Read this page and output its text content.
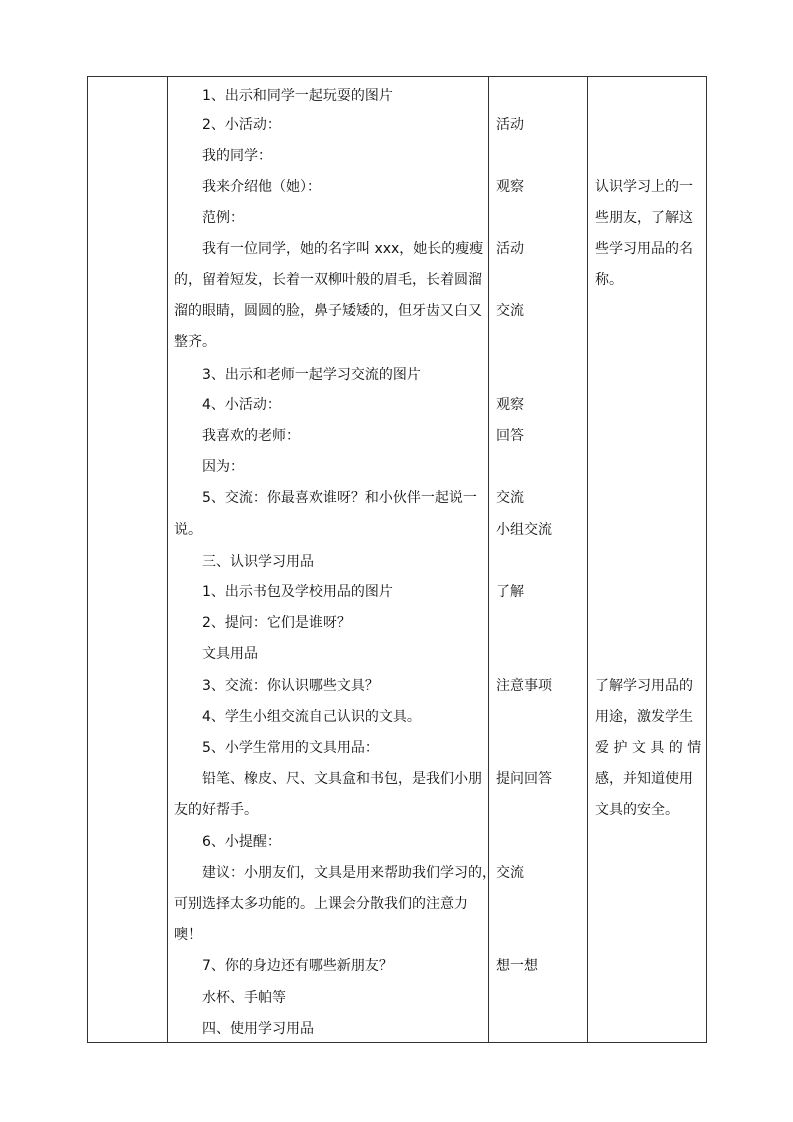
1、出示和同学一起玩耍的图片
2、小活动：
我的同学：
我来介绍他（她）：
范例：
我有一位同学，她的名字叫 xxx，她长的瘦瘦
的，留着短发，长着一双柳叶般的眉毛，长着圆溜
溜的眼睛，圆圆的脸，鼻子矮矮的，但牙齿又白又
整齐。
3、出示和老师一起学习交流的图片
4、小活动：
我喜欢的老师：
因为：
5、交流：你最喜欢谁呀？和小伙伴一起说一
说。
三、认识学习用品
1、出示书包及学校用品的图片
2、提问：它们是谁呀？
文具用品
3、交流：你认识哪些文具？
4、学生小组交流自己认识的文具。
5、小学生常用的文具用品：
铅笔、橡皮、尺、文具盒和书包，是我们小朋
友的好帮手。
6、小提醒：
建议：小朋友们，文具是用来帮助我们学习的，
可别选择太多功能的。上课会分散我们的注意力
噢！
7、你的身边还有哪些新朋友？
水杯、手帕等
四、使用学习用品
活动
观察
活动
交流
观察
回答
交流
小组交流
了解
注意事项
提问回答
交流
想一想
认识学习上的一
些朋友，了解这
些学习用品的名
称。
了解学习用品的
用途，激发学生
爱 护 文 具 的 情
感，并知道使用
文具的安全。
